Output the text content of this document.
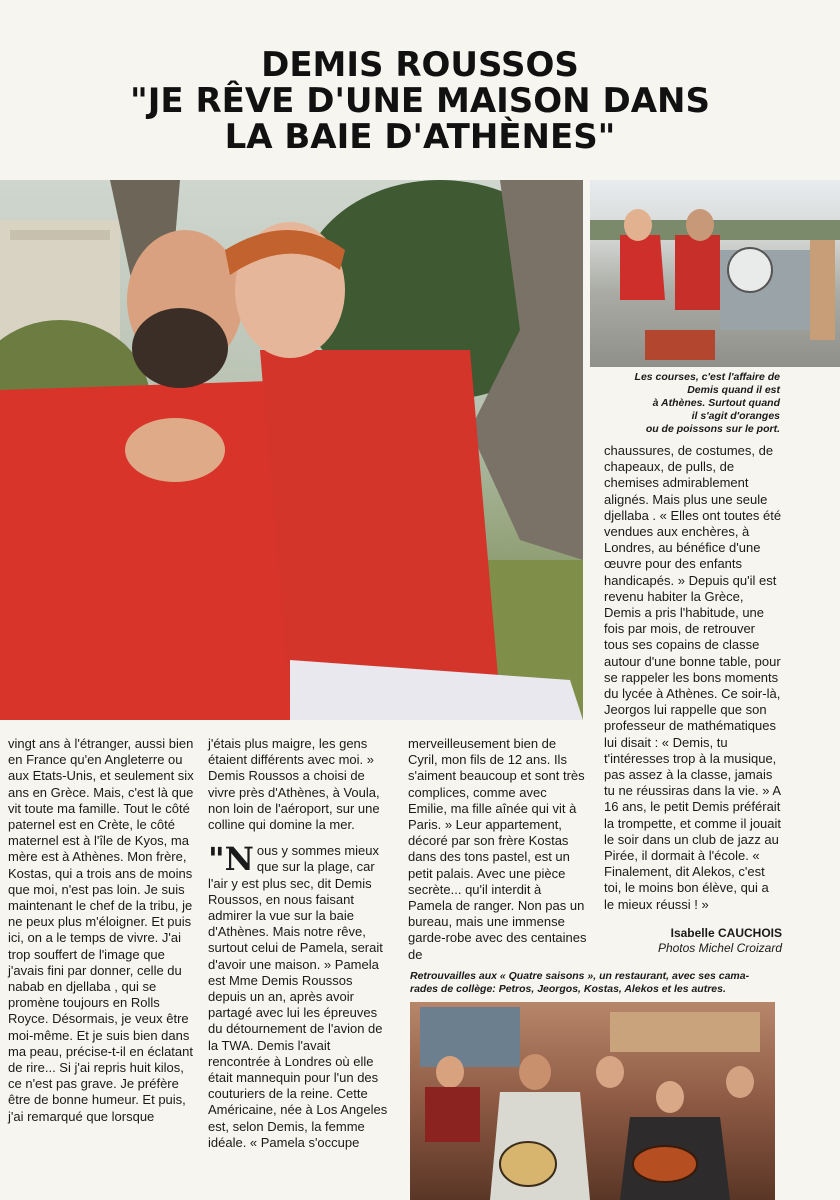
DEMIS ROUSSOS
"JE RÊVE D'UNE MAISON DANS
LA BAIE D'ATHÈNES"
Les courses, c'est l'affaire de
Demis quand il est
à Athènes. Surtout quand
il s'agit d'oranges
ou de poissons sur le port.

chaussures, de costumes, de chapeaux, de pulls, de chemises admirablement alignés. Mais plus une seule djellaba . « Elles ont toutes été vendues aux enchères, à Londres, au bénéfice d'une œuvre pour des enfants handicapés. » Depuis qu'il est revenu habiter la Grèce, Demis a pris l'habitude, une fois par mois, de retrouver tous ses copains de classe autour d'une bonne table, pour se rappeler les bons moments du lycée à Athènes. Ce soir-là, Jeorgos lui rappelle que son professeur de mathématiques lui disait : « Demis, tu t'intéresses trop à la musique, pas assez à la classe, jamais tu ne réussiras dans la vie. » A 16 ans, le petit Demis préférait la trompette, et comme il jouait le soir dans un club de jazz au Pirée, il dormait à l'école. « Finalement, dit Alekos, c'est toi, le moins bon élève, qui a le mieux réussi ! »

Isabelle CAUCHOIS
Photos Michel Croizard

vingt ans à l'étranger, aussi bien en France qu'en Angleterre ou aux Etats-Unis, et seulement six ans en Grèce. Mais, c'est là que vit toute ma famille. Tout le côté paternel est en Crète, le côté maternel est à l'île de Kyos, ma mère est à Athènes. Mon frère, Kostas, qui a trois ans de moins que moi, n'est pas loin. Je suis maintenant le chef de la tribu, je ne peux plus m'éloigner. Et puis ici, on a le temps de vivre. J'ai trop souffert de l'image que j'avais fini par donner, celle du nabab en djellaba , qui se promène toujours en Rolls Royce. Désormais, je veux être moi-même. Et je suis bien dans ma peau, précise-t-il en éclatant de rire... Si j'ai repris huit kilos, ce n'est pas grave. Je préfère être de bonne humeur. Et puis, j'ai remarqué que lorsque

j'étais plus maigre, les gens étaient différents avec moi. » Demis Roussos a choisi de vivre près d'Athènes, à Voula, non loin de l'aéroport, sur une colline qui domine la mer.

"Nous y sommes mieux que sur la plage, car l'air y est plus sec, dit Demis Roussos, en nous faisant admirer la vue sur la baie d'Athènes. Mais notre rêve, surtout celui de Pamela, serait d'avoir une maison. » Pamela est Mme Demis Roussos depuis un an, après avoir partagé avec lui les épreuves du détournement de l'avion de la TWA. Demis l'avait rencontrée à Londres où elle était mannequin pour l'un des couturiers de la reine. Cette Américaine, née à Los Angeles est, selon Demis, la femme idéale. « Pamela s'occupe

merveilleusement bien de Cyril, mon fils de 12 ans. Ils s'aiment beaucoup et sont très complices, comme avec Emilie, ma fille aînée qui vit à Paris. » Leur appartement, décoré par son frère Kostas dans des tons pastel, est un petit palais. Avec une pièce secrète... qu'il interdit à Pamela de ranger. Non pas un bureau, mais une immense garde-robe avec des centaines de

Retrouvailles aux « Quatre saisons », un restaurant, avec ses cama-
rades de collège: Petros, Jeorgos, Kostas, Alekos et les autres.
